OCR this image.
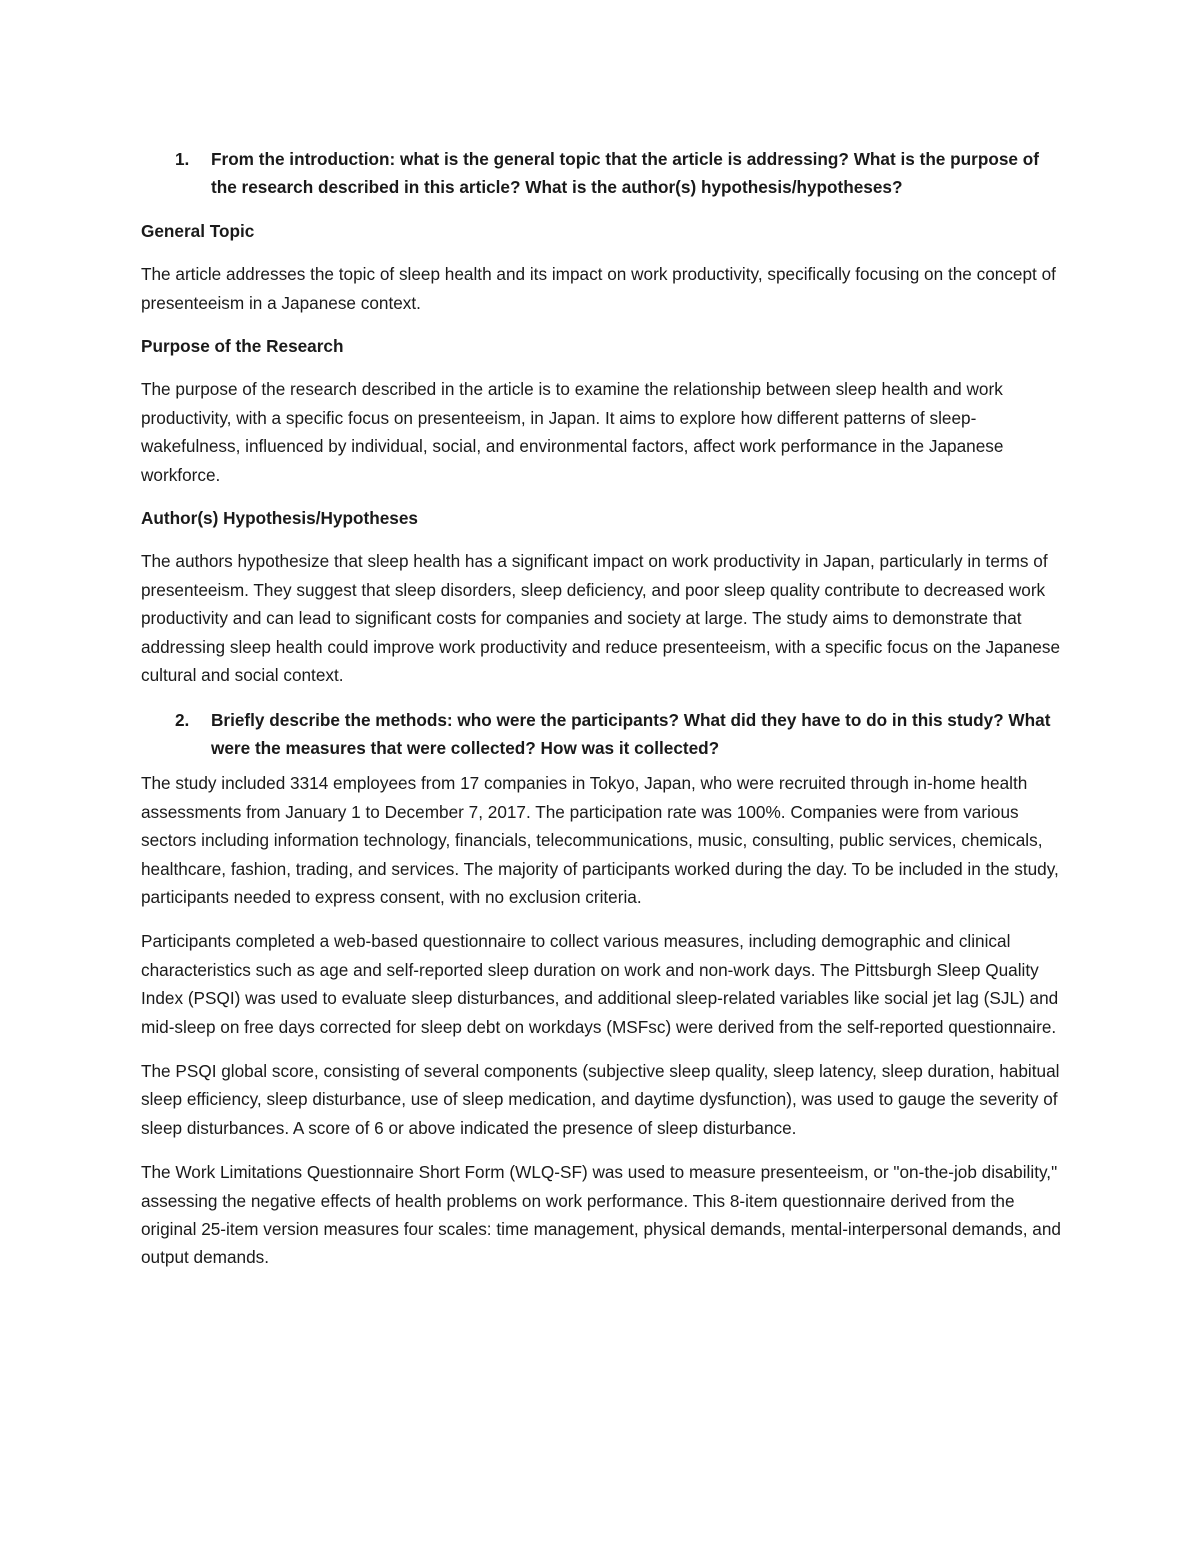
1.	From the introduction: what is the general topic that the article is addressing? What is the purpose of the research described in this article? What is the author(s) hypothesis/hypotheses?

General Topic

The article addresses the topic of sleep health and its impact on work productivity, specifically focusing on the concept of presenteeism in a Japanese context.

Purpose of the Research

The purpose of the research described in the article is to examine the relationship between sleep health and work productivity, with a specific focus on presenteeism, in Japan. It aims to explore how different patterns of sleep-wakefulness, influenced by individual, social, and environmental factors, affect work performance in the Japanese workforce.

Author(s) Hypothesis/Hypotheses

The authors hypothesize that sleep health has a significant impact on work productivity in Japan, particularly in terms of presenteeism. They suggest that sleep disorders, sleep deficiency, and poor sleep quality contribute to decreased work productivity and can lead to significant costs for companies and society at large. The study aims to demonstrate that addressing sleep health could improve work productivity and reduce presenteeism, with a specific focus on the Japanese cultural and social context.

2.	Briefly describe the methods: who were the participants? What did they have to do in this study? What were the measures that were collected? How was it collected?

The study included 3314 employees from 17 companies in Tokyo, Japan, who were recruited through in-home health assessments from January 1 to December 7, 2017. The participation rate was 100%. Companies were from various sectors including information technology, financials, telecommunications, music, consulting, public services, chemicals, healthcare, fashion, trading, and services. The majority of participants worked during the day. To be included in the study, participants needed to express consent, with no exclusion criteria.

Participants completed a web-based questionnaire to collect various measures, including demographic and clinical characteristics such as age and self-reported sleep duration on work and non-work days. The Pittsburgh Sleep Quality Index (PSQI) was used to evaluate sleep disturbances, and additional sleep-related variables like social jet lag (SJL) and mid-sleep on free days corrected for sleep debt on workdays (MSFsc) were derived from the self-reported questionnaire.

The PSQI global score, consisting of several components (subjective sleep quality, sleep latency, sleep duration, habitual sleep efficiency, sleep disturbance, use of sleep medication, and daytime dysfunction), was used to gauge the severity of sleep disturbances. A score of 6 or above indicated the presence of sleep disturbance.

The Work Limitations Questionnaire Short Form (WLQ-SF) was used to measure presenteeism, or "on-the-job disability," assessing the negative effects of health problems on work performance. This 8-item questionnaire derived from the original 25-item version measures four scales: time management, physical demands, mental-interpersonal demands, and output demands.
